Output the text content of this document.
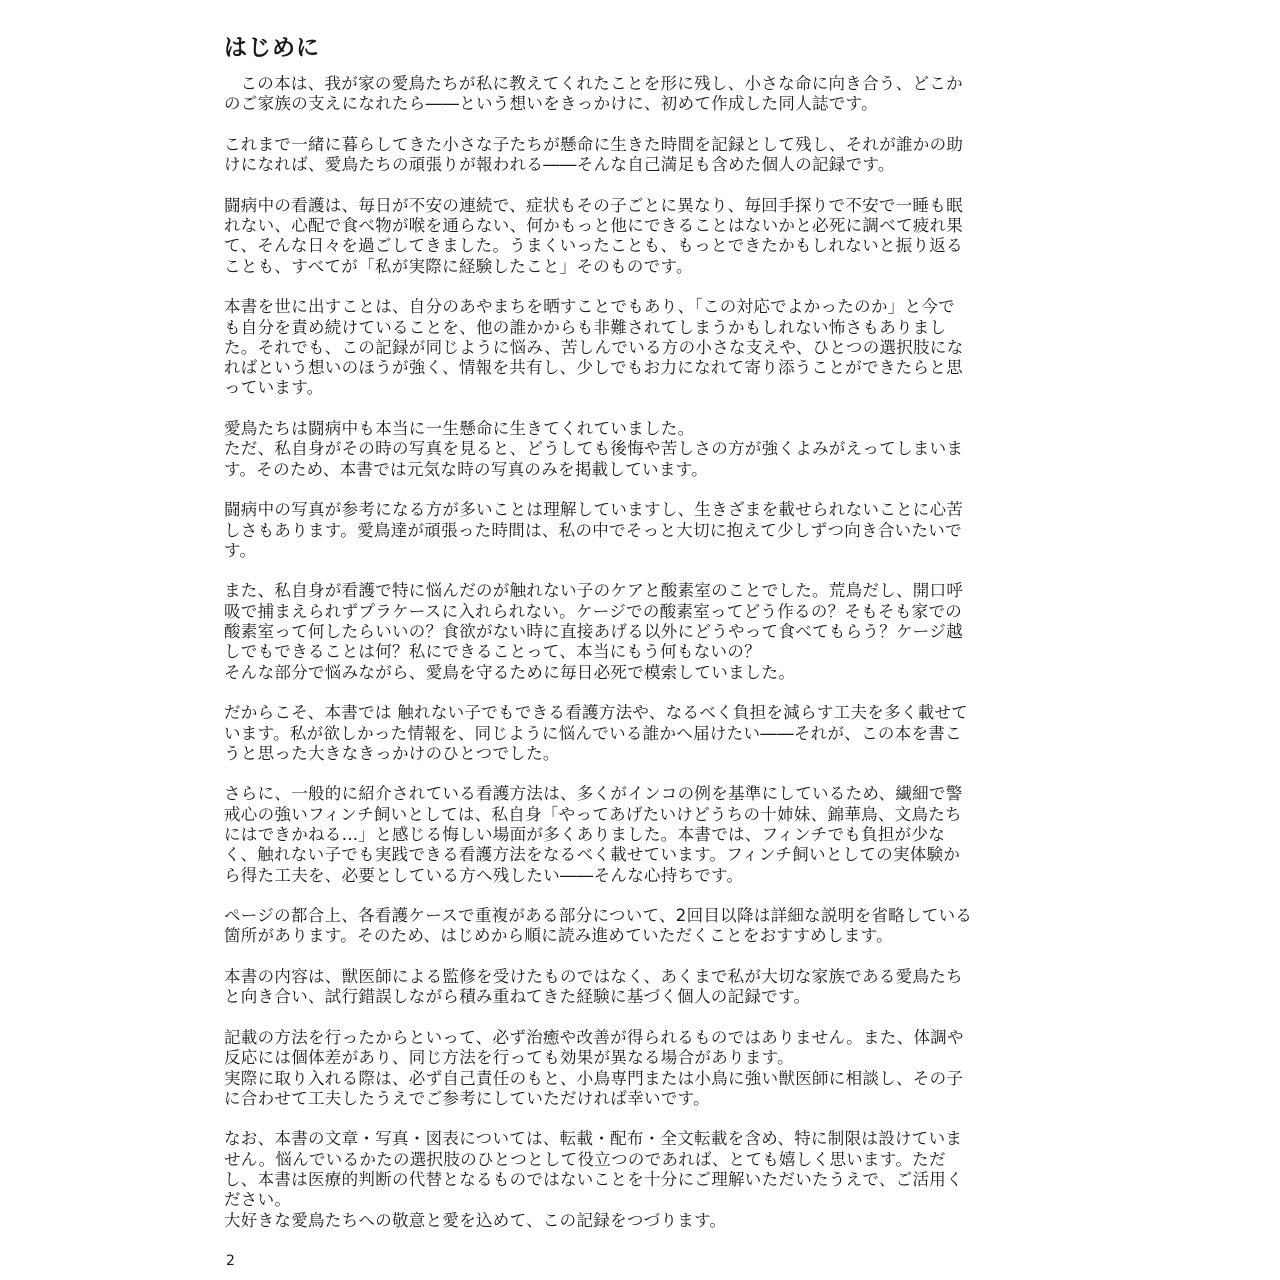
はじめに

この本は、我が家の愛鳥たちが私に教えてくれたことを形に残し、小さな命に向き合う、どこか
のご家族の支えになれたら――という想いをきっかけに、初めて作成した同人誌です。

これまで一緒に暮らしてきた小さな子たちが懸命に生きた時間を記録として残し、それが誰かの助
けになれば、愛鳥たちの頑張りが報われる――そんな自己満足も含めた個人の記録です。

闘病中の看護は、毎日が不安の連続で、症状もその子ごとに異なり、毎回手探りで不安で一睡も眠
れない、心配で食べ物が喉を通らない、何かもっと他にできることはないかと必死に調べて疲れ果
て、そんな日々を過ごしてきました。うまくいったことも、もっとできたかもしれないと振り返る
ことも、すべてが「私が実際に経験したこと」そのものです。

本書を世に出すことは、自分のあやまちを晒すことでもあり、「この対応でよかったのか」と今で
も自分を責め続けていることを、他の誰かからも非難されてしまうかもしれない怖さもありまし
た。それでも、この記録が同じように悩み、苦しんでいる方の小さな支えや、ひとつの選択肢にな
ればという想いのほうが強く、情報を共有し、少しでもお力になれて寄り添うことができたらと思
っています。

愛鳥たちは闘病中も本当に一生懸命に生きてくれていました。
ただ、私自身がその時の写真を見ると、どうしても後悔や苦しさの方が強くよみがえってしまいま
す。そのため、本書では元気な時の写真のみを掲載しています。

闘病中の写真が参考になる方が多いことは理解していますし、生きざまを載せられないことに心苦
しさもあります。愛鳥達が頑張った時間は、私の中でそっと大切に抱えて少しずつ向き合いたいで
す。

また、私自身が看護で特に悩んだのが触れない子のケアと酸素室のことでした。荒鳥だし、開口呼
吸で捕まえられずプラケースに入れられない。ケージでの酸素室ってどう作るの？そもそも家での
酸素室って何したらいいの？食欲がない時に直接あげる以外にどうやって食べてもらう？ケージ越
しでもできることは何？私にできることって、本当にもう何もないの？
そんな部分で悩みながら、愛鳥を守るために毎日必死で模索していました。

だからこそ、本書では 触れない子でもできる看護方法や、なるべく負担を減らす工夫を多く載せて
います。私が欲しかった情報を、同じように悩んでいる誰かへ届けたい――それが、この本を書こ
うと思った大きなきっかけのひとつでした。

さらに、一般的に紹介されている看護方法は、多くがインコの例を基準にしているため、繊細で警
戒心の強いフィンチ飼いとしては、私自身「やってあげたいけどうちの十姉妹、錦華鳥、文鳥たち
にはできかねる…」と感じる悔しい場面が多くありました。本書では、フィンチでも負担が少な
く、触れない子でも実践できる看護方法をなるべく載せています。フィンチ飼いとしての実体験か
ら得た工夫を、必要としている方へ残したい――そんな心持ちです。

ページの都合上、各看護ケースで重複がある部分について、2回目以降は詳細な説明を省略している
箇所があります。そのため、はじめから順に読み進めていただくことをおすすめします。

本書の内容は、獣医師による監修を受けたものではなく、あくまで私が大切な家族である愛鳥たち
と向き合い、試行錯誤しながら積み重ねてきた経験に基づく個人の記録です。

記載の方法を行ったからといって、必ず治癒や改善が得られるものではありません。また、体調や
反応には個体差があり、同じ方法を行っても効果が異なる場合があります。
実際に取り入れる際は、必ず自己責任のもと、小鳥専門または小鳥に強い獣医師に相談し、その子
に合わせて工夫したうえでご参考にしていただければ幸いです。

なお、本書の文章・写真・図表については、転載・配布・全文転載を含め、特に制限は設けていま
せん。悩んでいるかたの選択肢のひとつとして役立つのであれば、とても嬉しく思います。ただ
し、本書は医療的判断の代替となるものではないことを十分にご理解いただいたうえで、ご活用く
ださい。
大好きな愛鳥たちへの敬意と愛を込めて、この記録をつづります。

2
